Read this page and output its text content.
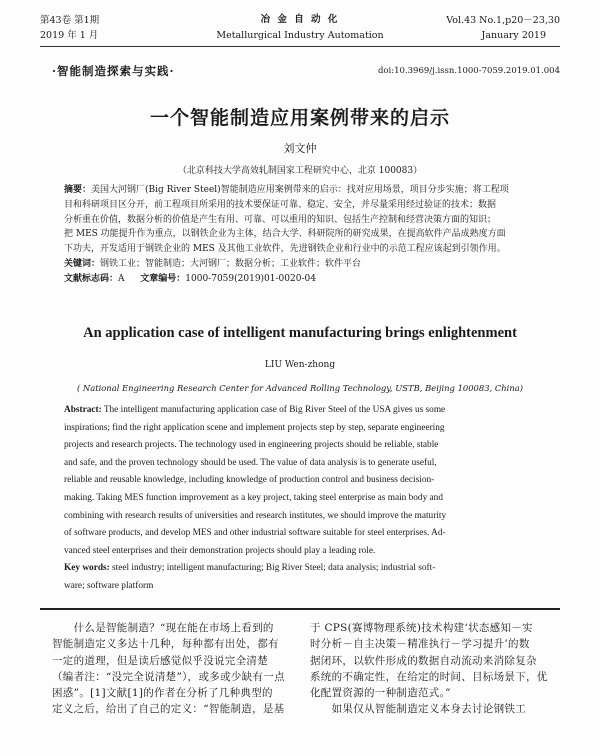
第43卷 第1期
2019 年 1 月
冶 金 自 动 化
Metallurgical Industry Automation
Vol.43 No.1,p20－23,30
January 2019
·智能制造探索与实践·	doi:10.3969/j.issn.1000-7059.2019.01.004
一个智能制造应用案例带来的启示
刘文仲
（北京科技大学高效轧制国家工程研究中心，北京 100083）
摘要：美国大河钢厂(Big River Steel)智能制造应用案例带来的启示：找对应用场景，项目分步实施；将工程项
目和科研项目区分开，前工程项目所采用的技术要保证可靠、稳定、安全，并尽量采用经过验证的技术；数据
分析重在价值，数据分析的价值是产生有用、可靠、可以重用的知识、包括生产控制和经营决策方面的知识；
把 MES 功能提升作为重点，以钢铁企业为主体，结合大学、科研院所的研究成果，在提高软件产品成熟度方面
下功夫，开发适用于钢铁企业的 MES 及其他工业软件，先进钢铁企业和行业中的示范工程应该起到引领作用。
关键词：钢铁工业；智能制造；大河钢厂；数据分析；工业软件；软件平台
文献标志码：A 文章编号：1000-7059(2019)01-0020-04
An application case of intelligent manufacturing brings enlightenment
LIU Wen-zhong
( National Engineering Research Center for Advanced Rolling Technology, USTB, Beijing 100083, China)
Abstract: The intelligent manufacturing application case of Big River Steel of the USA gives us some
inspirations; find the right application scene and implement projects step by step, separate engineering
projects and research projects. The technology used in engineering projects should be reliable, stable
and safe, and the proven technology should be used. The value of data analysis is to generate useful,
reliable and reusable knowledge, including knowledge of production control and business decision-
making. Taking MES function improvement as a key project, taking steel enterprise as main body and
combining with research results of universities and research institutes, we should improve the maturity
of software products, and develop MES and other industrial software suitable for steel enterprises. Ad-
vanced steel enterprises and their demonstration projects should play a leading role.
Key words: steel industry; intelligent manufacturing; Big River Steel; data analysis; industrial soft-
ware; software platform
　　什么是智能制造？“现在能在市场上看到的
智能制造定义多达十几种，每种都有出处，都有
一定的道理，但是读后感觉似乎没说完全清楚
（编者注：“没完全说清楚”），或多或少缺有一点
困惑”。[1]文献[1]的作者在分析了几种典型的
定义之后，给出了自己的定义：“智能制造，是基
于 CPS(赛博物理系统)技术构建‘状态感知－实
时分析－自主决策－精准执行－学习提升’的数
据闭环，以软件形成的数据自动流动来消除复杂
系统的不确定性，在给定的时间、目标场景下，优
化配置资源的一种制造范式。”
　　如果仅从智能制造定义本身去讨论钢铁工
